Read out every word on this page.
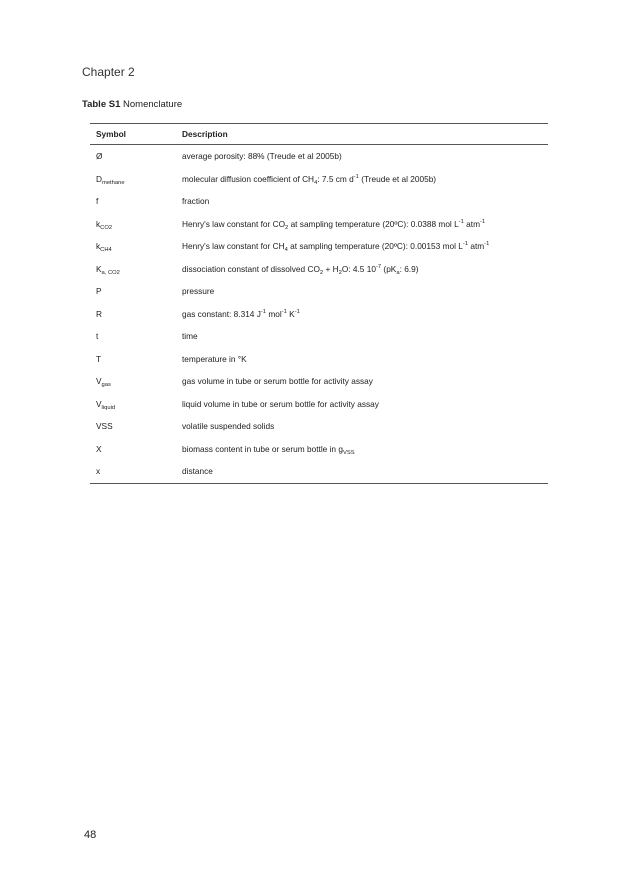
Chapter 2
Table S1 Nomenclature
Symbol	Description
Ø	average porosity: 88% (Treude et al 2005b)
$D_{methane}$	molecular diffusion coefficient of $CH_4$: 7.5 cm $d^{-1}$ (Treude et al 2005b)
f	fraction
$k_{CO2}$	Henry's law constant for $CO_2$ at sampling temperature (20ºC): 0.0388 mol $L^{-1}$ atm$^{-1}$
$k_{CH4}$	Henry's law constant for $CH_4$ at sampling temperature (20ºC): 0.00153 mol $L^{-1}$ atm$^{-1}$
$K_{a, CO2}$	dissociation constant of dissolved $CO_2 + H_2O$: 4.5 $10^{-7}$ ($pK_a$: 6.9)
P	pressure
R	gas constant: 8.314 $J^{-1}$ mol$^{-1}$ $K^{-1}$
t	time
T	temperature in °K
$V_{gas}$	gas volume in tube or serum bottle for activity assay
$V_{liquid}$	liquid volume in tube or serum bottle for activity assay
VSS	volatile suspended solids
X	biomass content in tube or serum bottle in $g_{VSS}$
x	distance
48
